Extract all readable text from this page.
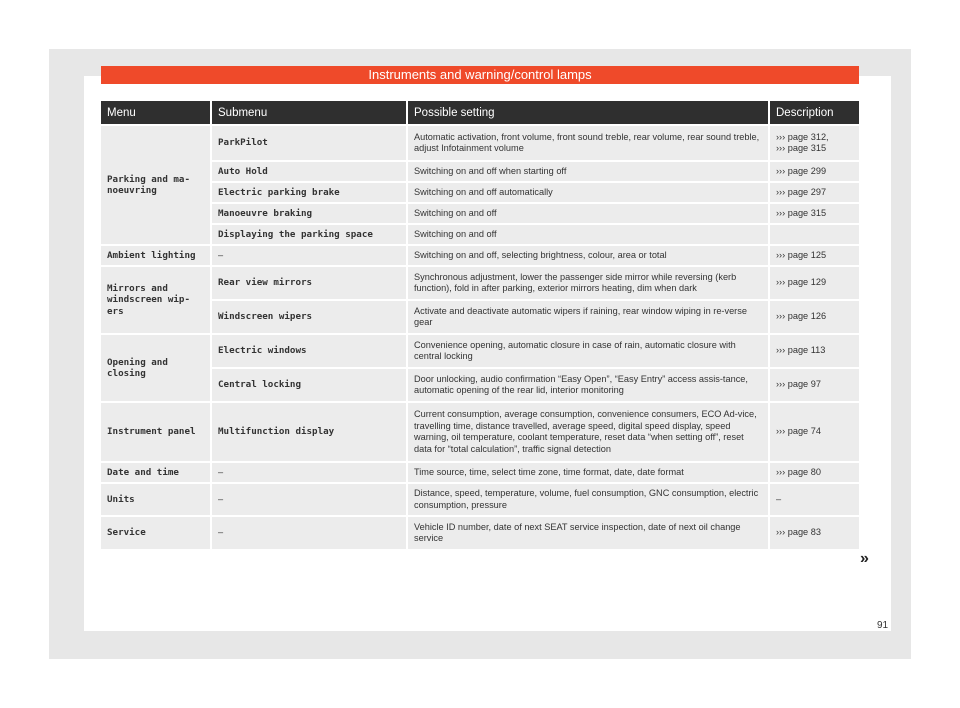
Instruments and warning/control lamps
Menu	Submenu	Possible setting	Description
Parking and ma-
noeuvring	ParkPilot	Automatic activation, front volume, front sound treble, rear volume, rear sound treble, adjust Infotainment volume	››› page 312,
››› page 315
	Auto Hold	Switching on and off when starting off	››› page 299
	Electric parking brake	Switching on and off automatically	››› page 297
	Manoeuvre braking	Switching on and off	››› page 315
	Displaying the parking space	Switching on and off	
Ambient lighting	–	Switching on and off, selecting brightness, colour, area or total	››› page 125
Mirrors and
windscreen wip-
ers	Rear view mirrors	Synchronous adjustment, lower the passenger side mirror while reversing (kerb function), fold in after parking, exterior mirrors heating, dim when dark	››› page 129
	Windscreen wipers	Activate and deactivate automatic wipers if raining, rear window wiping in re-verse gear	››› page 126
Opening and
closing	Electric windows	Convenience opening, automatic closure in case of rain, automatic closure with central locking	››› page 113
	Central locking	Door unlocking, audio confirmation “Easy Open”, “Easy Entry” access assis-tance, automatic opening of the rear lid, interior monitoring	››› page 97
Instrument panel	Multifunction display	Current consumption, average consumption, convenience consumers, ECO Ad-vice, travelling time, distance travelled, average speed, digital speed display, speed warning, oil temperature, coolant temperature, reset data “when setting off”, reset data for “total calculation”, traffic signal detection	››› page 74
Date and time	–	Time source, time, select time zone, time format, date, date format	››› page 80
Units	–	Distance, speed, temperature, volume, fuel consumption, GNC consumption, electric consumption, pressure	–
Service	–	Vehicle ID number, date of next SEAT service inspection, date of next oil change service	››› page 83
»
91
